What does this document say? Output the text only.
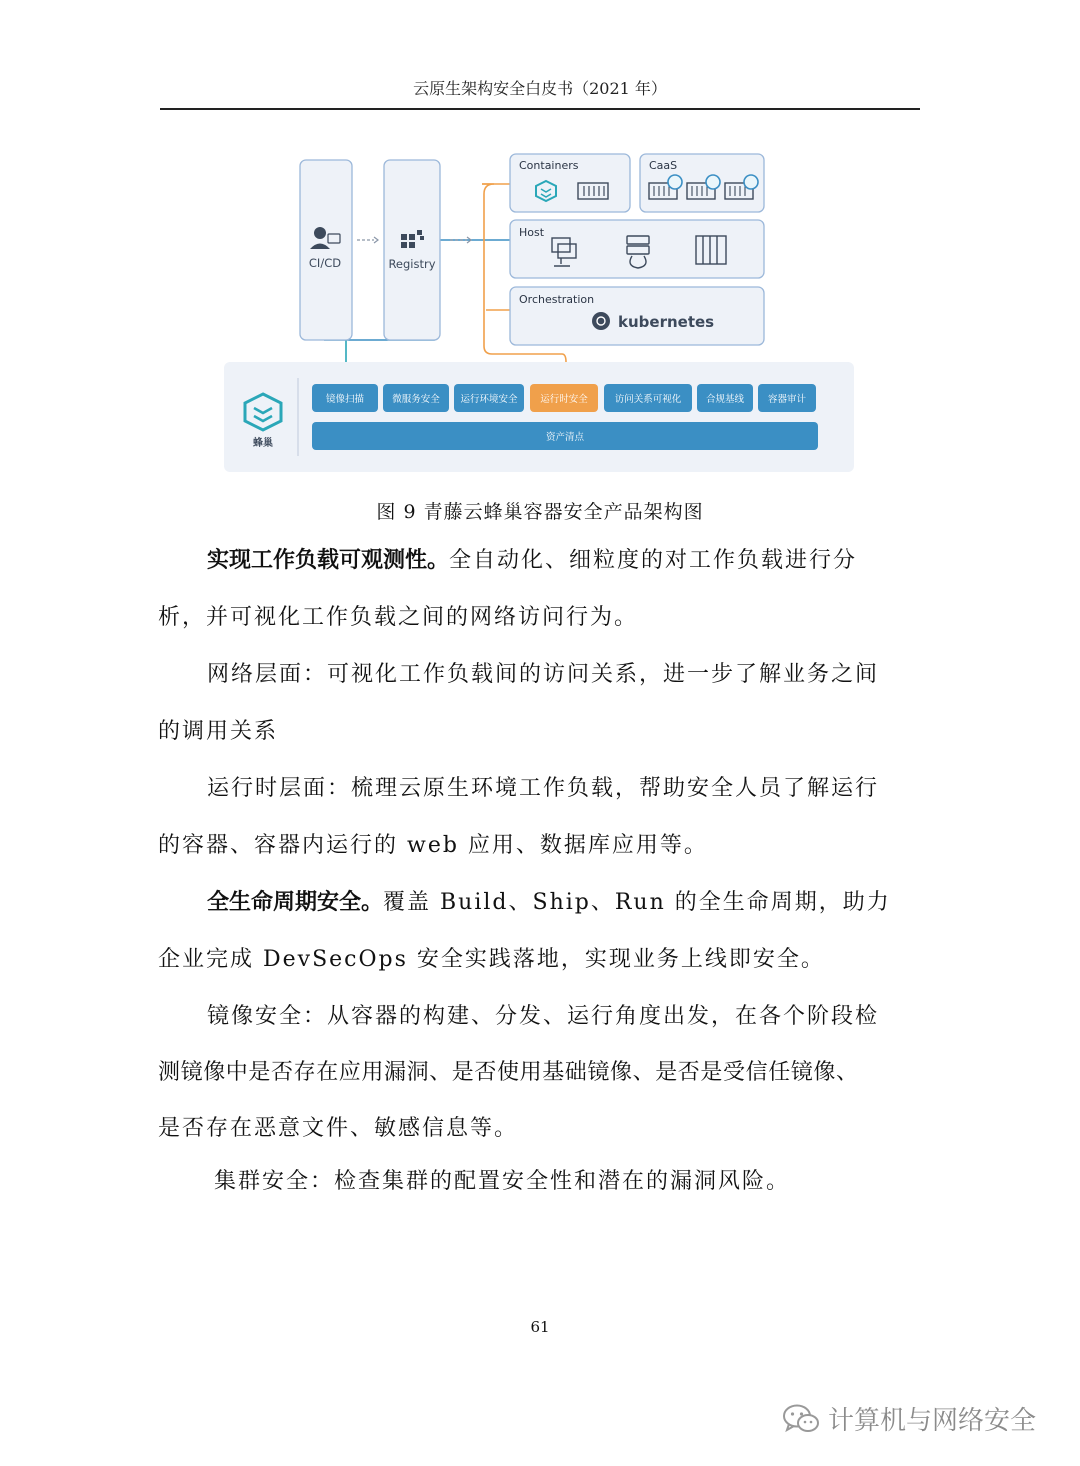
云原生架构安全白皮书（2021 年）
CI/CD	Registry
Containers	CaaS
Host
Orchestration
kubernetes
蜂巢
镜像扫描	微服务安全 运行环境安全 运行时安全	访问关系可视化	合规基线	容器审计
资产清点
图 9 青藤云蜂巢容器安全产品架构图
实现工作负载可观测性。全自动化、细粒度的对工作负载进行分
析，并可视化工作负载之间的网络访问行为。
网络层面：可视化工作负载间的访问关系，进一步了解业务之间
的调用关系
运行时层面：梳理云原生环境工作负载，帮助安全人员了解运行
的容器、容器内运行的 web 应用、数据库应用等。
全生命周期安全。覆盖 Build、Ship、Run 的全生命周期，助力
企业完成 DevSecOps 安全实践落地，实现业务上线即安全。
镜像安全：从容器的构建、分发、运行角度出发，在各个阶段检
测镜像中是否存在应用漏洞、是否使用基础镜像、是否是受信任镜像、
是否存在恶意文件、敏感信息等。
集群安全：检查集群的配置安全性和潜在的漏洞风险。
61
计算机与网络安全
